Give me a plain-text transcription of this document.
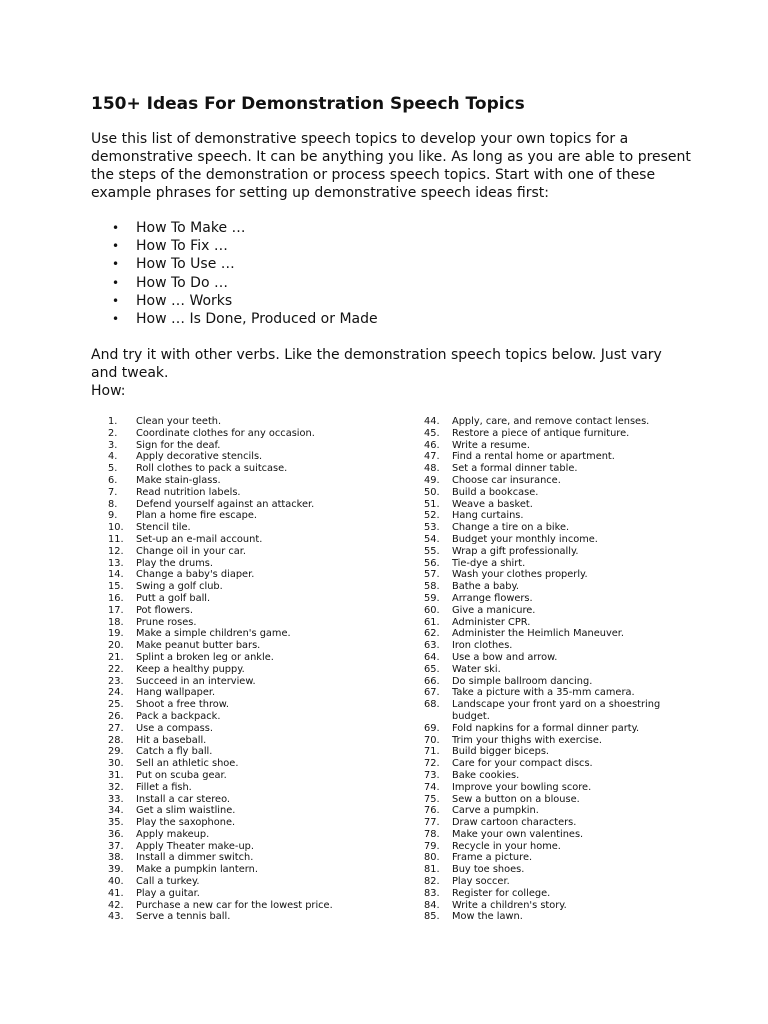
150+ Ideas For Demonstration Speech Topics

Use this list of demonstrative speech topics to develop your own topics for a demonstrative speech. It can be anything you like. As long as you are able to present the steps of the demonstration or process speech topics. Start with one of these example phrases for setting up demonstrative speech ideas first:

• How To Make …
• How To Fix …
• How To Use …
• How To Do …
• How … Works
• How … Is Done, Produced or Made

And try it with other verbs. Like the demonstration speech topics below. Just vary and tweak.

How:

1.	Clean your teeth.
2.	Coordinate clothes for any occasion.
3.	Sign for the deaf.
4.	Apply decorative stencils.
5.	Roll clothes to pack a suitcase.
6.	Make stain-glass.
7.	Read nutrition labels.
8.	Defend yourself against an attacker.
9.	Plan a home fire escape.
10.	Stencil tile.
11.	Set-up an e-mail account.
12.	Change oil in your car.
13.	Play the drums.
14.	Change a baby's diaper.
15.	Swing a golf club.
16.	Putt a golf ball.
17.	Pot flowers.
18.	Prune roses.
19.	Make a simple children's game.
20.	Make peanut butter bars.
21.	Splint a broken leg or ankle.
22.	Keep a healthy puppy.
23.	Succeed in an interview.
24.	Hang wallpaper.
25.	Shoot a free throw.
26.	Pack a backpack.
27.	Use a compass.
28.	Hit a baseball.
29.	Catch a fly ball.
30.	Sell an athletic shoe.
31.	Put on scuba gear.
32.	Fillet a fish.
33.	Install a car stereo.
34.	Get a slim waistline.
35.	Play the saxophone.
36.	Apply makeup.
37.	Apply Theater make-up.
38.	Install a dimmer switch.
39.	Make a pumpkin lantern.
40.	Call a turkey.
41.	Play a guitar.
42.	Purchase a new car for the lowest price.
43.	Serve a tennis ball.
44.	Apply, care, and remove contact lenses.
45.	Restore a piece of antique furniture.
46.	Write a resume.
47.	Find a rental home or apartment.
48.	Set a formal dinner table.
49.	Choose car insurance.
50.	Build a bookcase.
51.	Weave a basket.
52.	Hang curtains.
53.	Change a tire on a bike.
54.	Budget your monthly income.
55.	Wrap a gift professionally.
56.	Tie-dye a shirt.
57.	Wash your clothes properly.
58.	Bathe a baby.
59.	Arrange flowers.
60.	Give a manicure.
61.	Administer CPR.
62.	Administer the Heimlich Maneuver.
63.	Iron clothes.
64.	Use a bow and arrow.
65.	Water ski.
66.	Do simple ballroom dancing.
67.	Take a picture with a 35-mm camera.
68.	Landscape your front yard on a shoestring budget.
69.	Fold napkins for a formal dinner party.
70.	Trim your thighs with exercise.
71.	Build bigger biceps.
72.	Care for your compact discs.
73.	Bake cookies.
74.	Improve your bowling score.
75.	Sew a button on a blouse.
76.	Carve a pumpkin.
77.	Draw cartoon characters.
78.	Make your own valentines.
79.	Recycle in your home.
80.	Frame a picture.
81.	Buy toe shoes.
82.	Play soccer.
83.	Register for college.
84.	Write a children's story.
85.	Mow the lawn.
